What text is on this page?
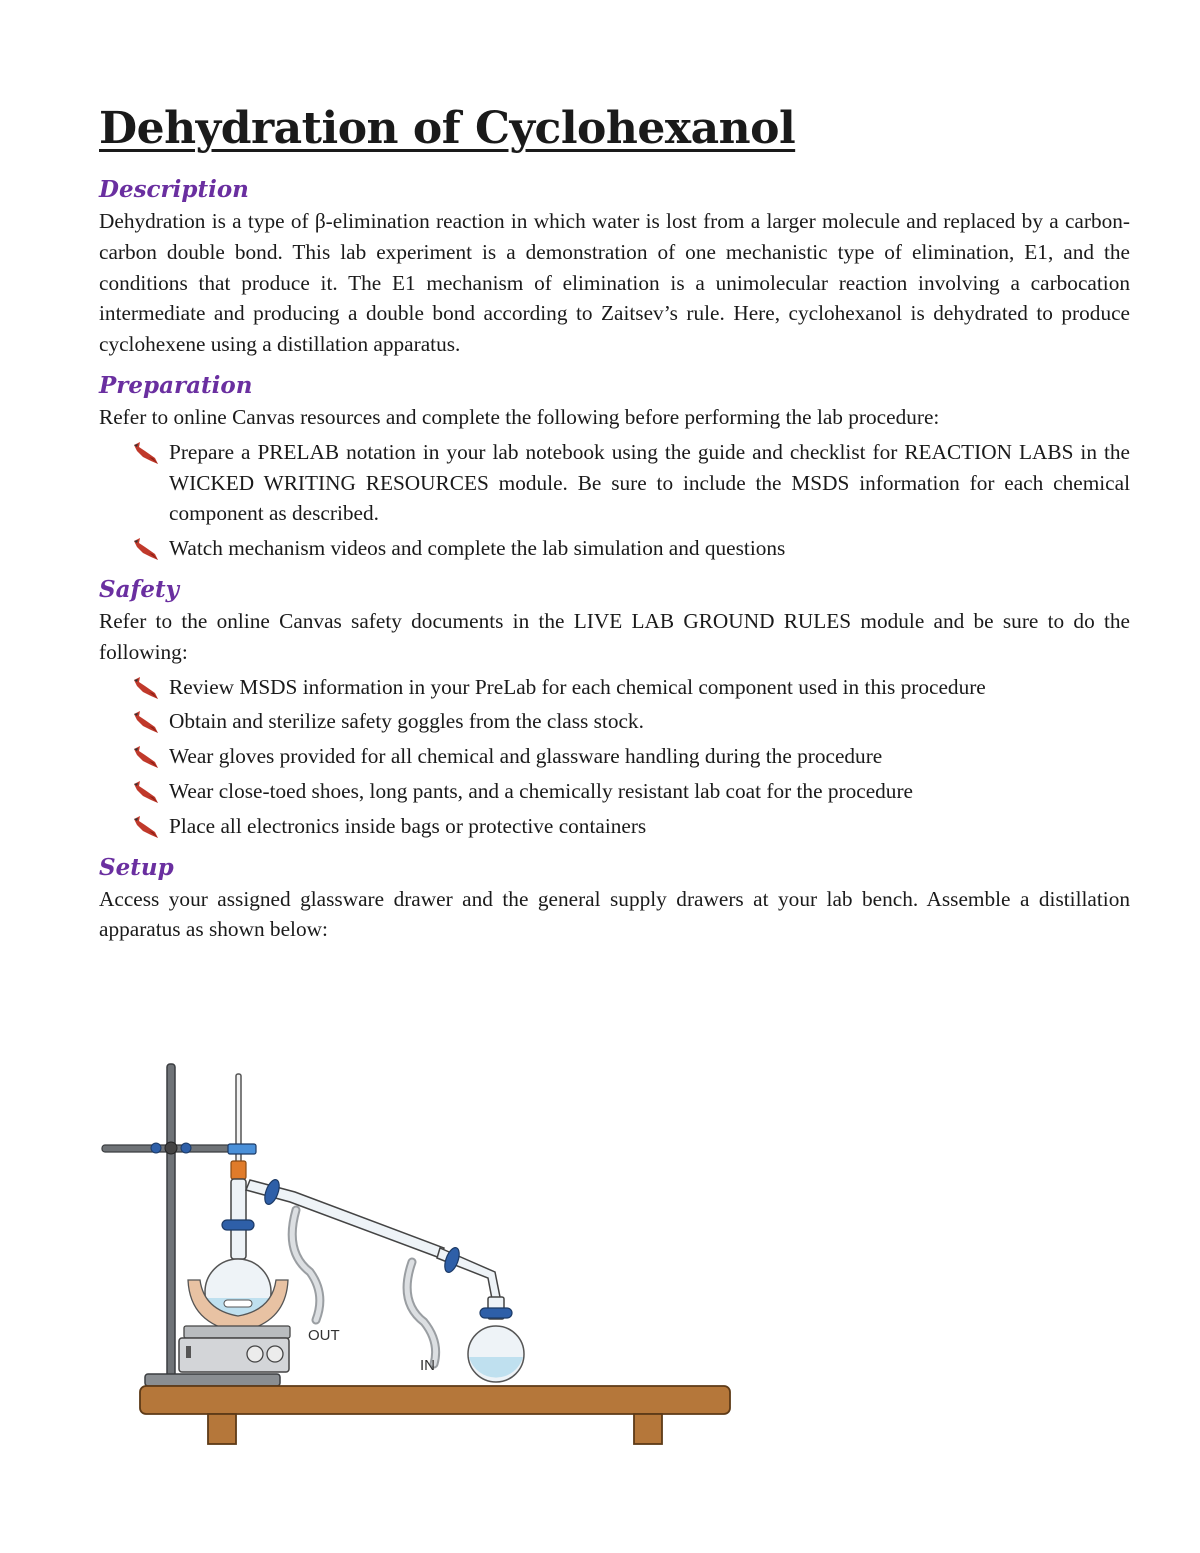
Dehydration of Cyclohexanol
Description

Dehydration is a type of β-elimination reaction in which water is lost from a larger molecule and replaced by a carbon-carbon double bond. This lab experiment is a demonstration of one mechanistic type of elimination, E1, and the conditions that produce it. The E1 mechanism of elimination is a unimolecular reaction involving a carbocation intermediate and producing a double bond according to Zaitsev’s rule. Here, cyclohexanol is dehydrated to produce cyclohexene using a distillation apparatus.

Preparation

Refer to online Canvas resources and complete the following before performing the lab procedure:

Prepare a PRELAB notation in your lab notebook using the guide and checklist for REACTION LABS in the WICKED WRITING RESOURCES module. Be sure to include the MSDS information for each chemical component as described.
Watch mechanism videos and complete the lab simulation and questions
Safety

Refer to the online Canvas safety documents in the LIVE LAB GROUND RULES module and be sure to do the following:

Review MSDS information in your PreLab for each chemical component used in this procedure
Obtain and sterilize safety goggles from the class stock.
Wear gloves provided for all chemical and glassware handling during the procedure
Wear close-toed shoes, long pants, and a chemically resistant lab coat for the procedure
Place all electronics inside bags or protective containers
Setup

Access your assigned glassware drawer and the general supply drawers at your lab bench. Assemble a distillation apparatus as shown below:

OUT
IN
